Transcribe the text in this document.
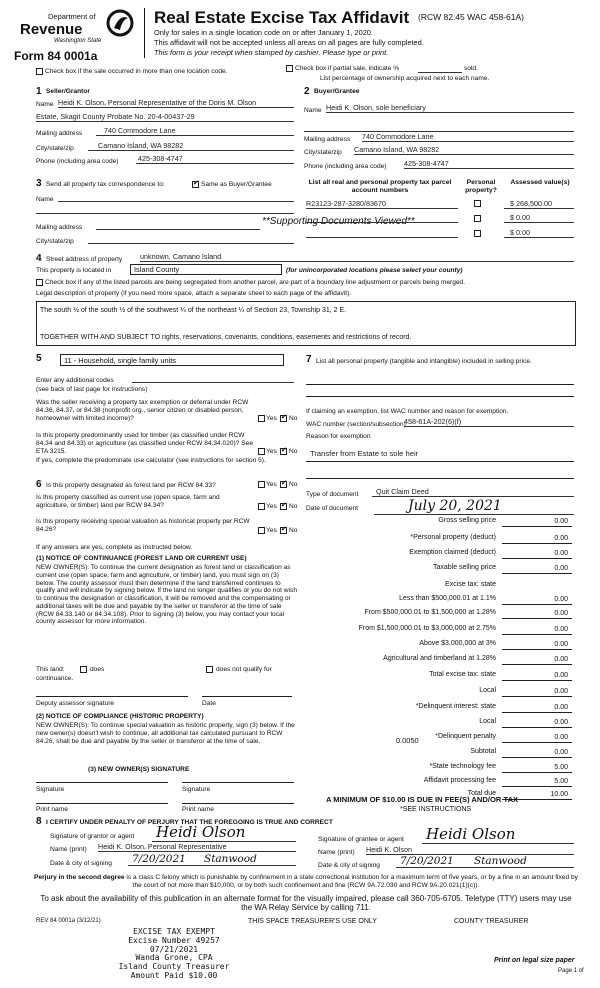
Department of
Revenue
Washington State
Form 84 0001a
Real Estate Excise Tax Affidavit (RCW 82.45 WAC 458-61A)
Only for sales in a single location code on or after January 1, 2020.
This affidavit will not be accepted unless all areas on all pages are fully completed.
This form is your receipt when stamped by cashier. Please type or print.
Check box if the sale occurred in more than one location code.	Check box if partial sale, indicate %	sold.
List percentage of ownership acquired next to each name.
1 Seller/Grantor
Name Heidi K. Olson, Personal Representative of the Doris M. Olson
Estate, Skagit County Probate No. 20-4-00437-29
Mailing address	740 Commodore Lane
City/state/zip	Camano Island, WA 98282
Phone (including area code)	425-308-4747
2 Buyer/Grantee
Name Heidi K. Olson, sole beneficiary
Mailing address 740 Commodore Lane
City/state/zip Camano Island, WA 98282
Phone (including area code) 425-308-4747
3 Send all property tax correspondence to: ✔	Same as Buyer/Grantee
Name
**Supporting Documents Viewed**
Mailing address
City/state/zip
List all real and personal property tax parcel account numbers
Personal property?
Assessed value(s)
R23123-287-3280/83670	$ 268,500.00
$ 0.00
$ 0.00
4 Street address of property unknown, Camano Island
This property is located in	Island County	(for unincorporated locations please select your county)
Check box if any of the listed parcels are being segregated from another parcel, are part of a boundary line adjustment or parcels being merged.
Legal description of property (if you need more space, attach a separate sheet to each page of the affidavit).
The south ½ of the south ½ of the southwest ¼ of the northeast ¼ of Section 23, Township 31, 2 E.
TOGETHER WITH AND SUBJECT TO rights, reservations, covenants, conditions, easements and restrictions of record.
5	11 - Household, single family units
Enter any additional codes
(see back of last page for instructions)
Was the seller receiving a property tax exemption or deferral under RCW 84.36, 84.37, or 84.38 (nonprofit org., senior citizen or disabled person, homeowner with limited income)?	Yes ✔ No
Is this property predominantly used for timber (as classified under RCW 84.34 and 84.33) or agriculture (as classified under RCW 84.34.020)? See ETA 3215.	Yes ✔ No
If yes, complete the predominate use calculator (see instructions for section 5).
6 Is this property designated as forest land per RCW 84.33?	Yes ✔ No
Is this property classified as current use (open space, farm and agriculture, or timber) land per RCW 84.34?	Yes ✔ No
Is this property receiving special valuation as historical property per RCW 84.26?	Yes ✔ No
If any answers are yes, complete as instructed below.
(1) NOTICE OF CONTINUANCE (FOREST LAND OR CURRENT USE)
NEW OWNER(S): To continue the current designation as forest land or classification as current use (open space, farm and agriculture, or timber) land, you must sign on (3) below. The county assessor must then determine if the land transferred continues to qualify and will indicate by signing below. If the land no longer qualifies or you do not wish to continue the designation or classification, it will be removed and the compensating or additional taxes will be due and payable by the seller or transferor at the time of sale (RCW 84.33.140 or 84.34.108). Prior to signing (3) below, you may contact your local county assessor for more information.
This land:	does	does not qualify for
continuance.
Deputy assessor signature	Date
(2) NOTICE OF COMPLIANCE (HISTORIC PROPERTY)
NEW OWNER(S): To continue special valuation as historic property, sign (3) below. If the new owner(s) doesn't wish to continue, all additional tax calculated pursuant to RCW 84.26, shall be due and payable by the seller or transferor at the time of sale.
(3) NEW OWNER(S) SIGNATURE
Signature	Signature
Print name	Print name
7 List all personal property (tangible and intangible) included in selling price.
If claiming an exemption, list WAC number and reason for exemption.
WAC number (section/subsection)
458-61A-202(6)(f)
Reason for exemption
Transfer from Estate to sole heir
Type of document	Quit Claim Deed
Date of document	July 20, 2021
Gross selling price	0.00
*Personal property (deduct)	0.00
Exemption claimed (deduct)	0.00
Taxable selling price	0.00
Excise tax: state
Less than $500,000.01 at 1.1%	0.00
From $500,000.01 to $1,500,000 at 1.28%	0.00
From $1,500,000.01 to $3,000,000 at 2.75%	0.00
Above $3,000,000 at 3%	0.00
Agricultural and timberland at 1.28%	0.00
Total excise tax: state	0.00
Local	0.00
*Delinquent interest: state	0.00
Local	0.00
*Delinquent penalty	0.00
Subtotal	0.00
*State technology fee	5.00
Affidavit processing fee	5.00
Total due	10.00
0.0050
A MINIMUM OF $10.00 IS DUE IN FEE(S) AND/OR TAX
*SEE INSTRUCTIONS
8 I CERTIFY UNDER PENALTY OF PERJURY THAT THE FOREGOING IS TRUE AND CORRECT
Signature of grantor or agent Heidi Olson
Name (print) Heidi K. Olson, Personal Representative
Date & city of signing	7/20/2021	Stanwood
Signature of grantee or agent Heidi Olson
Name (print) Heidi K. Olson
Date & city of signing	7/20/2021	Stanwood
Perjury in the second degree is a class C felony which is punishable by confinement in a state correctional institution for a maximum term of five years, or by a fine in an amount fixed by the court of not more than $10,000, or by both such confinement and fine (RCW 9A.72.030 and RCW 9A.20.021(1)(c)).
To ask about the availability of this publication in an alternate format for the visually impaired, please call 360-705-6705. Teletype (TTY) users may use the WA Relay Service by calling 711.
REV 84 0001a (3/12/21)	THIS SPACE TREASURER'S USE ONLY	COUNTY TREASURER
EXCISE TAX EXEMPT
Excise Number 49257
07/21/2021
Wanda Grone, CPA
Island County Treasurer
Amount Paid $10.00
Print on legal size paper
Page 1 of
